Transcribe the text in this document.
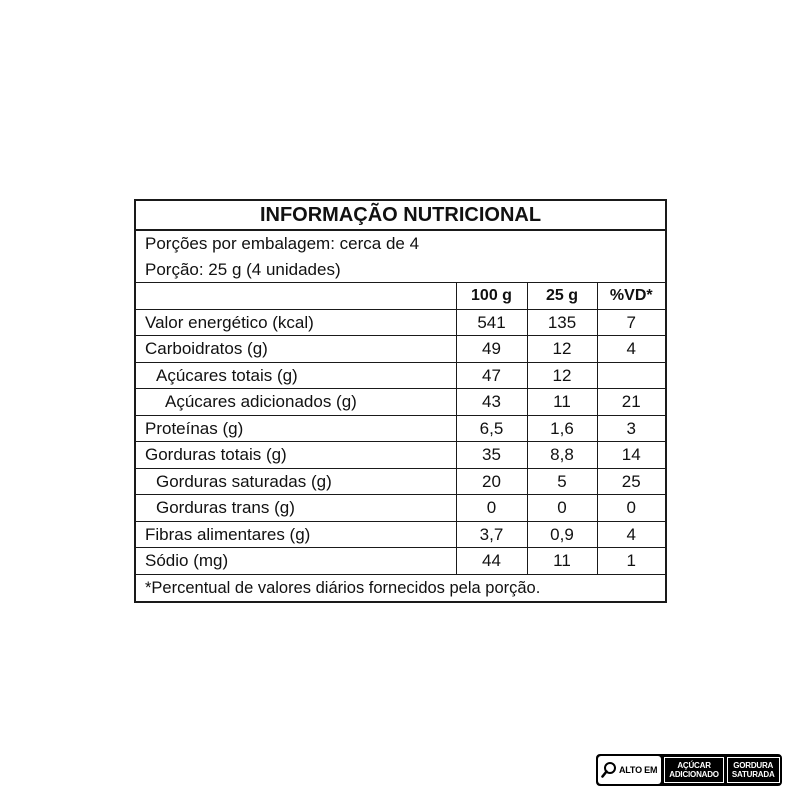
INFORMAÇÃO NUTRICIONAL			
Porções por embalagem: cerca de 4			
Porção: 25 g (4 unidades)			
	100 g	25 g	%VD*
Valor energético (kcal)	541	135	7
Carboidratos (g)	49	12	4
Açúcares totais (g)	47	12	
Açúcares adicionados (g)	43	11	21
Proteínas (g)	6,5	1,6	3
Gorduras totais (g)	35	8,8	14
Gorduras saturadas (g)	20	5	25
Gorduras trans (g)	0	0	0
Fibras alimentares (g)	3,7	0,9	4
Sódio (mg)	44	11	1
*Percentual de valores diários fornecidos pela porção.			
ALTO EM	AÇÚCAR
ADICIONADO
GORDURA
SATURADA
